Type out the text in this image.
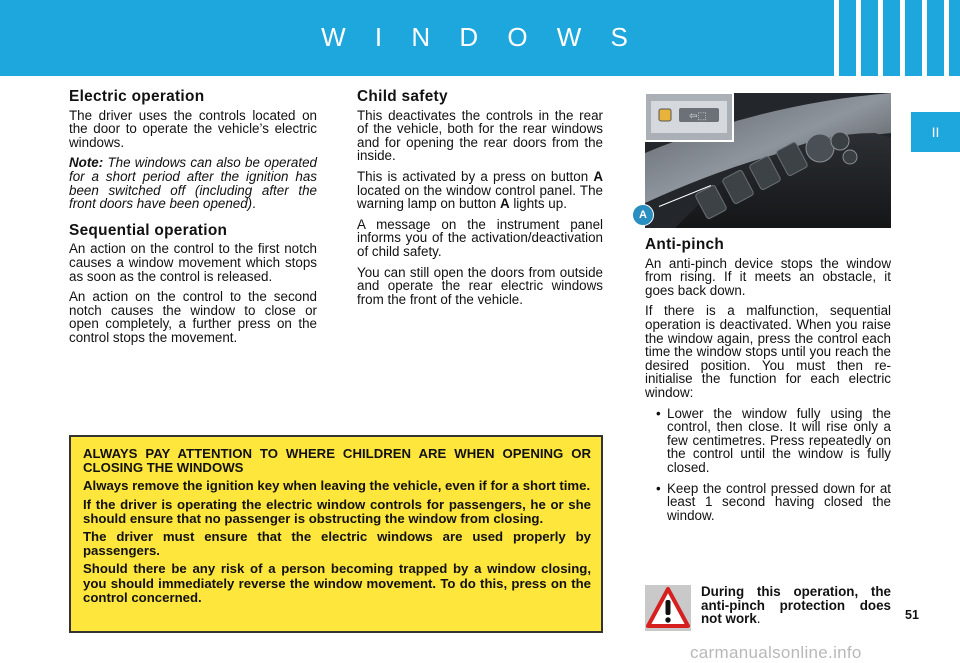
W I N D O W S
II
Electric operation

The driver uses the controls located on the door to operate the vehicle’s electric windows.

Note: The windows can also be operated for a short period after the ignition has been switched off (including after the front doors have been opened).

Sequential operation

An action on the control to the first notch causes a window movement which stops as soon as the control is released.

An action on the control to the second notch causes the window to close or open completely, a further press on the control stops the movement.

Child safety

This deactivates the controls in the rear of the vehicle, both for the rear windows and for opening the rear doors from the inside.

This is activated by a press on button A located on the window control panel. The warning lamp on button A lights up.

A message on the instrument panel informs you of the activation/deactivation of child safety.

You can still open the doors from outside and operate the rear electric windows from the front of the vehicle.

⇦⬚
A
Anti-pinch

An anti-pinch device stops the window from rising. If it meets an obstacle, it goes back down.

If there is a malfunction, sequential operation is deactivated. When you raise the window again, press the control each time the window stops until you reach the desired position. You must then re-initialise the function for each electric window:

• Lower the window fully using the control, then close. It will rise only a few centimetres. Press repeatedly on the control until the window is fully closed.
• Keep the control pressed down for at least 1 second having closed the window.

ALWAYS PAY ATTENTION TO WHERE CHILDREN ARE WHEN OPENING OR CLOSING THE WINDOWS

Always remove the ignition key when leaving the vehicle, even if for a short time.

If the driver is operating the electric window controls for passengers, he or she should ensure that no passenger is obstructing the window from closing.

The driver must ensure that the electric windows are used properly by passengers.

Should there be any risk of a person becoming trapped by a window closing, you should immediately reverse the window movement. To do this, press on the control concerned.	During this operation, the anti-pinch protection does not work.	51
carmanualsonline.info
